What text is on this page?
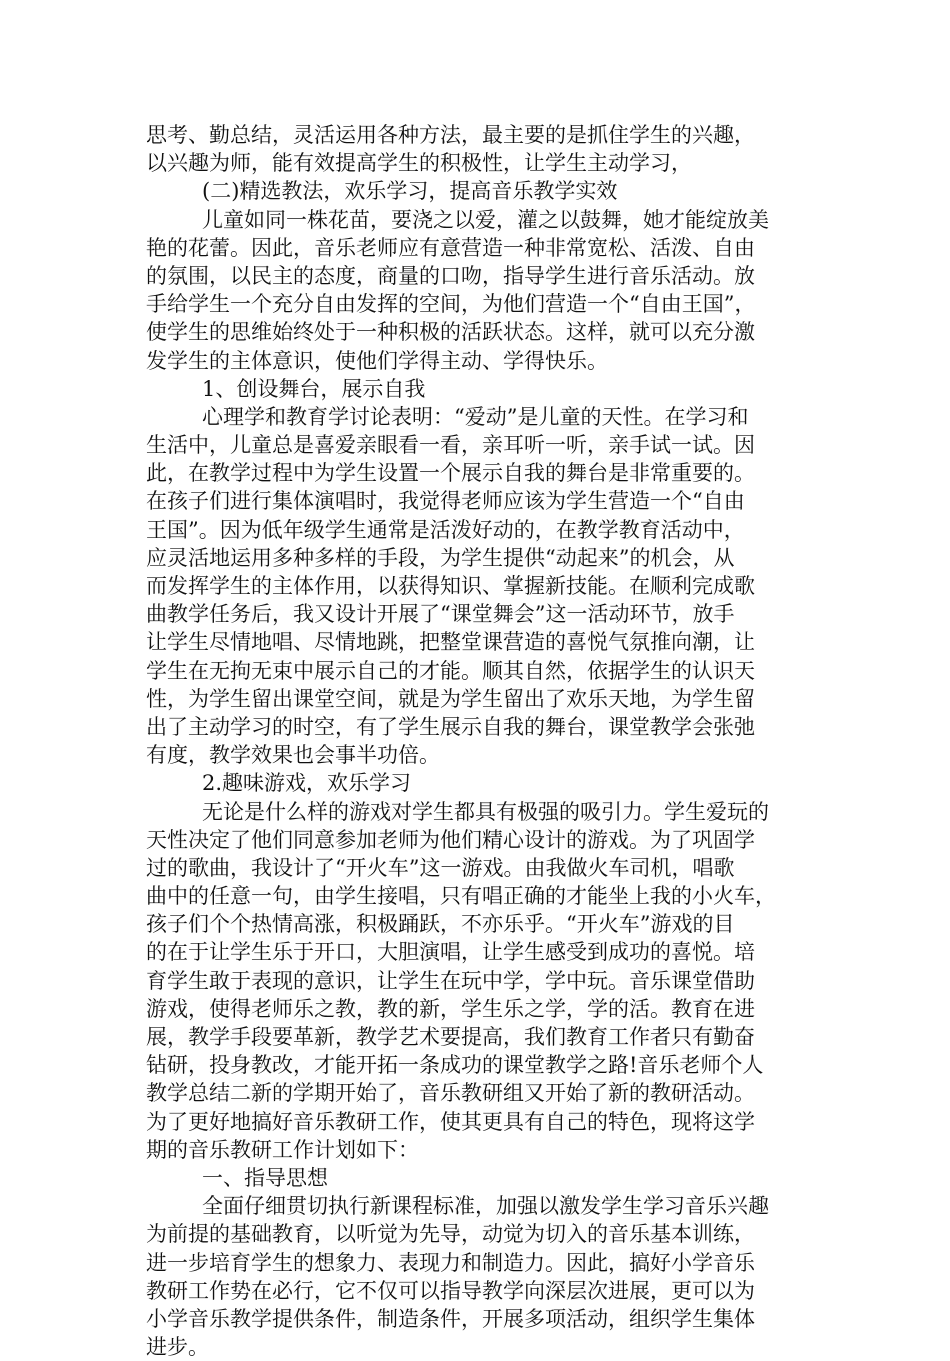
思考、勤总结，灵活运用各种方法，最主要的是抓住学生的兴趣，
以兴趣为师，能有效提高学生的积极性，让学生主动学习，
(二)精选教法，欢乐学习，提高音乐教学实效
儿童如同一株花苗，要浇之以爱，灌之以鼓舞，她才能绽放美
艳的花蕾。因此，音乐老师应有意营造一种非常宽松、活泼、自由
的氛围，以民主的态度，商量的口吻，指导学生进行音乐活动。放
手给学生一个充分自由发挥的空间，为他们营造一个“自由王国”，
使学生的思维始终处于一种积极的活跃状态。这样，就可以充分激
发学生的主体意识，使他们学得主动、学得快乐。
1、创设舞台，展示自我
心理学和教育学讨论表明：“爱动”是儿童的天性。在学习和
生活中，儿童总是喜爱亲眼看一看，亲耳听一听，亲手试一试。因
此，在教学过程中为学生设置一个展示自我的舞台是非常重要的。
在孩子们进行集体演唱时，我觉得老师应该为学生营造一个“自由
王国”。因为低年级学生通常是活泼好动的，在教学教育活动中，
应灵活地运用多种多样的手段，为学生提供“动起来”的机会，从
而发挥学生的主体作用，以获得知识、掌握新技能。在顺利完成歌
曲教学任务后，我又设计开展了“课堂舞会”这一活动环节，放手
让学生尽情地唱、尽情地跳，把整堂课营造的喜悦气氛推向潮，让
学生在无拘无束中展示自己的才能。顺其自然，依据学生的认识天
性，为学生留出课堂空间，就是为学生留出了欢乐天地，为学生留
出了主动学习的时空，有了学生展示自我的舞台，课堂教学会张弛
有度，教学效果也会事半功倍。
2.趣味游戏，欢乐学习
无论是什么样的游戏对学生都具有极强的吸引力。学生爱玩的
天性决定了他们同意参加老师为他们精心设计的游戏。为了巩固学
过的歌曲，我设计了“开火车”这一游戏。由我做火车司机，唱歌
曲中的任意一句，由学生接唱，只有唱正确的才能坐上我的小火车，
孩子们个个热情高涨，积极踊跃，不亦乐乎。“开火车”游戏的目
的在于让学生乐于开口，大胆演唱，让学生感受到成功的喜悦。培
育学生敢于表现的意识，让学生在玩中学，学中玩。音乐课堂借助
游戏，使得老师乐之教，教的新，学生乐之学，学的活。教育在进
展，教学手段要革新，教学艺术要提高，我们教育工作者只有勤奋
钻研，投身教改，才能开拓一条成功的课堂教学之路!音乐老师个人
教学总结二新的学期开始了，音乐教研组又开始了新的教研活动。
为了更好地搞好音乐教研工作，使其更具有自己的特色，现将这学
期的音乐教研工作计划如下：
一、指导思想
全面仔细贯切执行新课程标准，加强以激发学生学习音乐兴趣
为前提的基础教育，以听觉为先导，动觉为切入的音乐基本训练，
进一步培育学生的想象力、表现力和制造力。因此，搞好小学音乐
教研工作势在必行，它不仅可以指导教学向深层次进展，更可以为
小学音乐教学提供条件，制造条件，开展多项活动，组织学生集体
进步。
